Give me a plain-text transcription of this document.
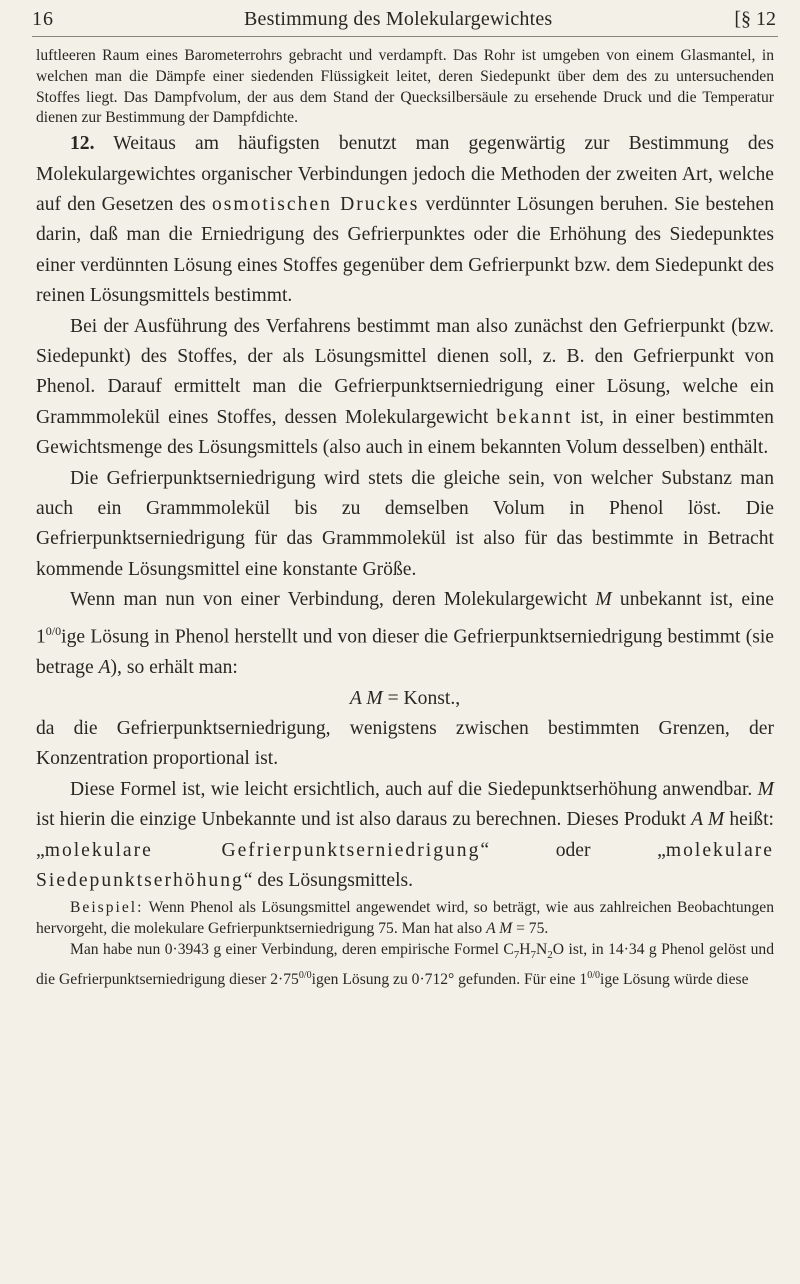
16	Bestimmung des Molekulargewichtes	[§ 12

luftleeren Raum eines Barometerrohrs gebracht und verdampft. Das Rohr ist umgeben von einem Glasmantel, in welchen man die Dämpfe einer siedenden Flüssigkeit leitet, deren Siedepunkt über dem des zu untersuchenden Stoffes liegt. Das Dampfvolum, der aus dem Stand der Quecksilbersäule zu ersehende Druck und die Temperatur dienen zur Bestimmung der Dampfdichte.

12. Weitaus am häufigsten benutzt man gegenwärtig zur Bestimmung des Molekulargewichtes organischer Verbindungen jedoch die Methoden der zweiten Art, welche auf den Gesetzen des osmotischen Druckes verdünnter Lösungen beruhen. Sie bestehen darin, daß man die Erniedrigung des Gefrierpunktes oder die Erhöhung des Siedepunktes einer verdünnten Lösung eines Stoffes gegenüber dem Gefrierpunkt bzw. dem Siedepunkt des reinen Lösungsmittels bestimmt.

Bei der Ausführung des Verfahrens bestimmt man also zunächst den Gefrierpunkt (bzw. Siedepunkt) des Stoffes, der als Lösungsmittel dienen soll, z. B. den Gefrierpunkt von Phenol. Darauf ermittelt man die Gefrierpunktserniedrigung einer Lösung, welche ein Grammmolekül eines Stoffes, dessen Molekulargewicht bekannt ist, in einer bestimmten Gewichtsmenge des Lösungsmittels (also auch in einem bekannten Volum desselben) enthält.

Die Gefrierpunktserniedrigung wird stets die gleiche sein, von welcher Substanz man auch ein Grammmolekül bis zu demselben Volum in Phenol löst. Die Gefrierpunktserniedrigung für das Grammmolekül ist also für das bestimmte in Betracht kommende Lösungsmittel eine konstante Größe.

Wenn man nun von einer Verbindung, deren Molekulargewicht M unbekannt ist, eine $1^{0/0}ige$ Lösung in Phenol herstellt und von dieser die Gefrierpunktserniedrigung bestimmt (sie betrage A), so erhält man:

A M = Konst.,

da die Gefrierpunktserniedrigung, wenigstens zwischen bestimmten Grenzen, der Konzentration proportional ist.

Diese Formel ist, wie leicht ersichtlich, auch auf die Siedepunktserhöhung anwendbar. M ist hierin die einzige Unbekannte und ist also daraus zu berechnen. Dieses Produkt A M heißt: „molekulare Gefrierpunktserniedrigung“ oder „molekulare Siedepunktserhöhung“ des Lösungsmittels.

Beispiel: Wenn Phenol als Lösungsmittel angewendet wird, so beträgt, wie aus zahlreichen Beobachtungen hervorgeht, die molekulare Gefrierpunktserniedrigung 75. Man hat also A M = 75.

Man habe nun 0·3943 g einer Verbindung, deren empirische Formel $C_7H_7N_2O$ ist, in 14·34 g Phenol gelöst und die Gefrierpunktserniedrigung dieser $2\cdot 75^{0/0}igen$ Lösung zu 0·712° gefunden. Für eine $1^{0/0}ige$ Lösung würde diese
